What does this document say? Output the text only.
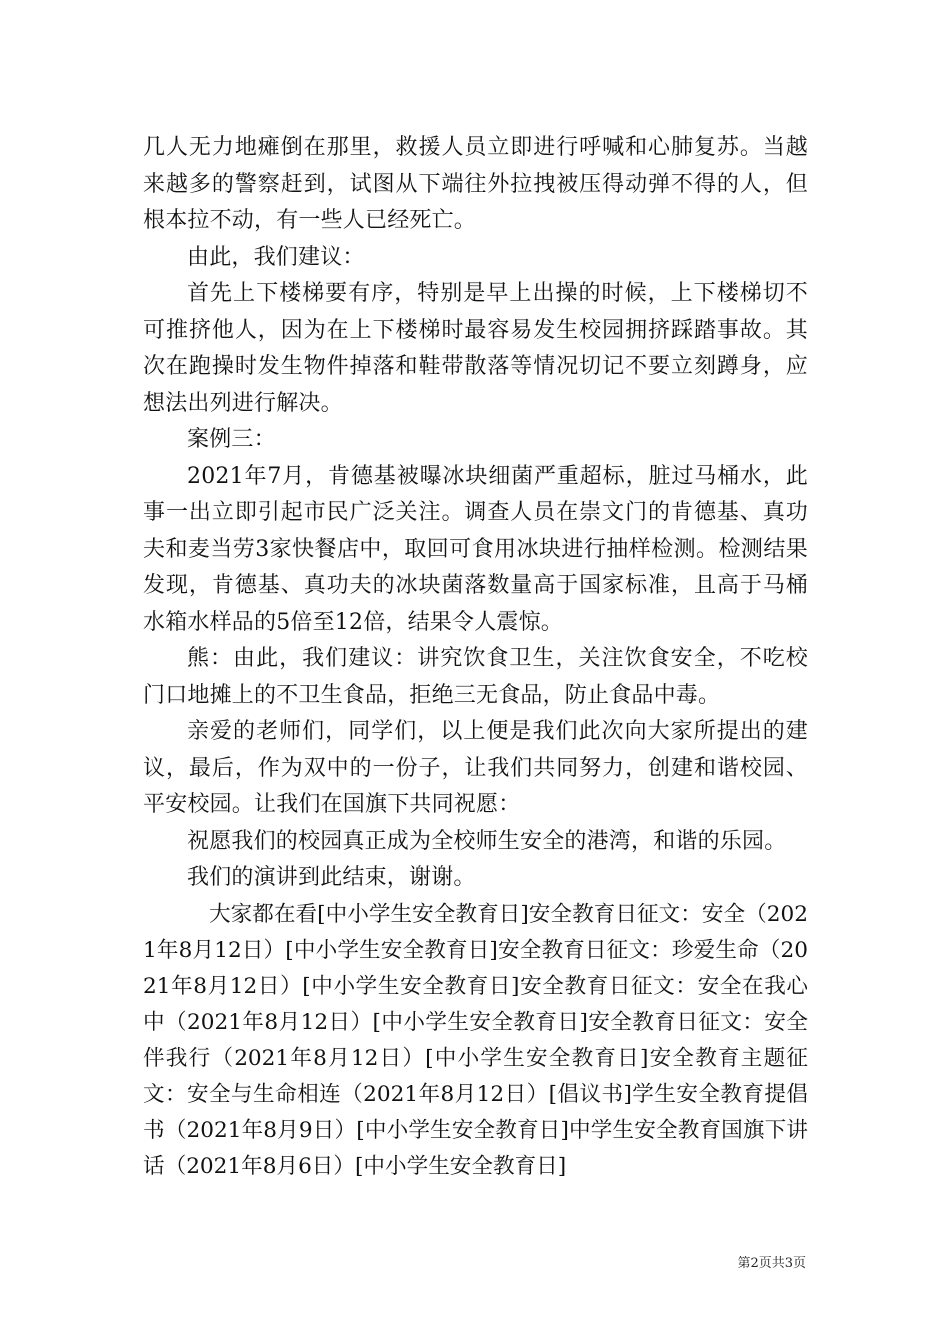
几人无力地瘫倒在那里，救援人员立即进行呼喊和心肺复苏。当越来越多的警察赶到，试图从下端往外拉拽被压得动弹不得的人，但根本拉不动，有一些人已经死亡。

由此，我们建议：

首先上下楼梯要有序，特别是早上出操的时候，上下楼梯切不可推挤他人，因为在上下楼梯时最容易发生校园拥挤踩踏事故。其次在跑操时发生物件掉落和鞋带散落等情况切记不要立刻蹲身，应想法出列进行解决。

案例三：

2021年7月，肯德基被曝冰块细菌严重超标，脏过马桶水，此事一出立即引起市民广泛关注。调查人员在崇文门的肯德基、真功夫和麦当劳3家快餐店中，取回可食用冰块进行抽样检测。检测结果发现，肯德基、真功夫的冰块菌落数量高于国家标准，且高于马桶水箱水样品的5倍至12倍，结果令人震惊。

熊：由此，我们建议：讲究饮食卫生，关注饮食安全，不吃校门口地摊上的不卫生食品，拒绝三无食品，防止食品中毒。

亲爱的老师们，同学们，以上便是我们此次向大家所提出的建议，最后，作为双中的一份子，让我们共同努力，创建和谐校园、平安校园。让我们在国旗下共同祝愿：

祝愿我们的校园真正成为全校师生安全的港湾，和谐的乐园。

我们的演讲到此结束，谢谢。

大家都在看[中小学生安全教育日]安全教育日征文：安全（2021年8月12日）[中小学生安全教育日]安全教育日征文：珍爱生命（2021年8月12日）[中小学生安全教育日]安全教育日征文：安全在我心中（2021年8月12日）[中小学生安全教育日]安全教育日征文：安全伴我行（2021年8月12日）[中小学生安全教育日]安全教育主题征文：安全与生命相连（2021年8月12日）[倡议书]学生安全教育提倡书（2021年8月9日）[中小学生安全教育日]中学生安全教育国旗下讲话（2021年8月6日）[中小学生安全教育日]

第2页共3页
